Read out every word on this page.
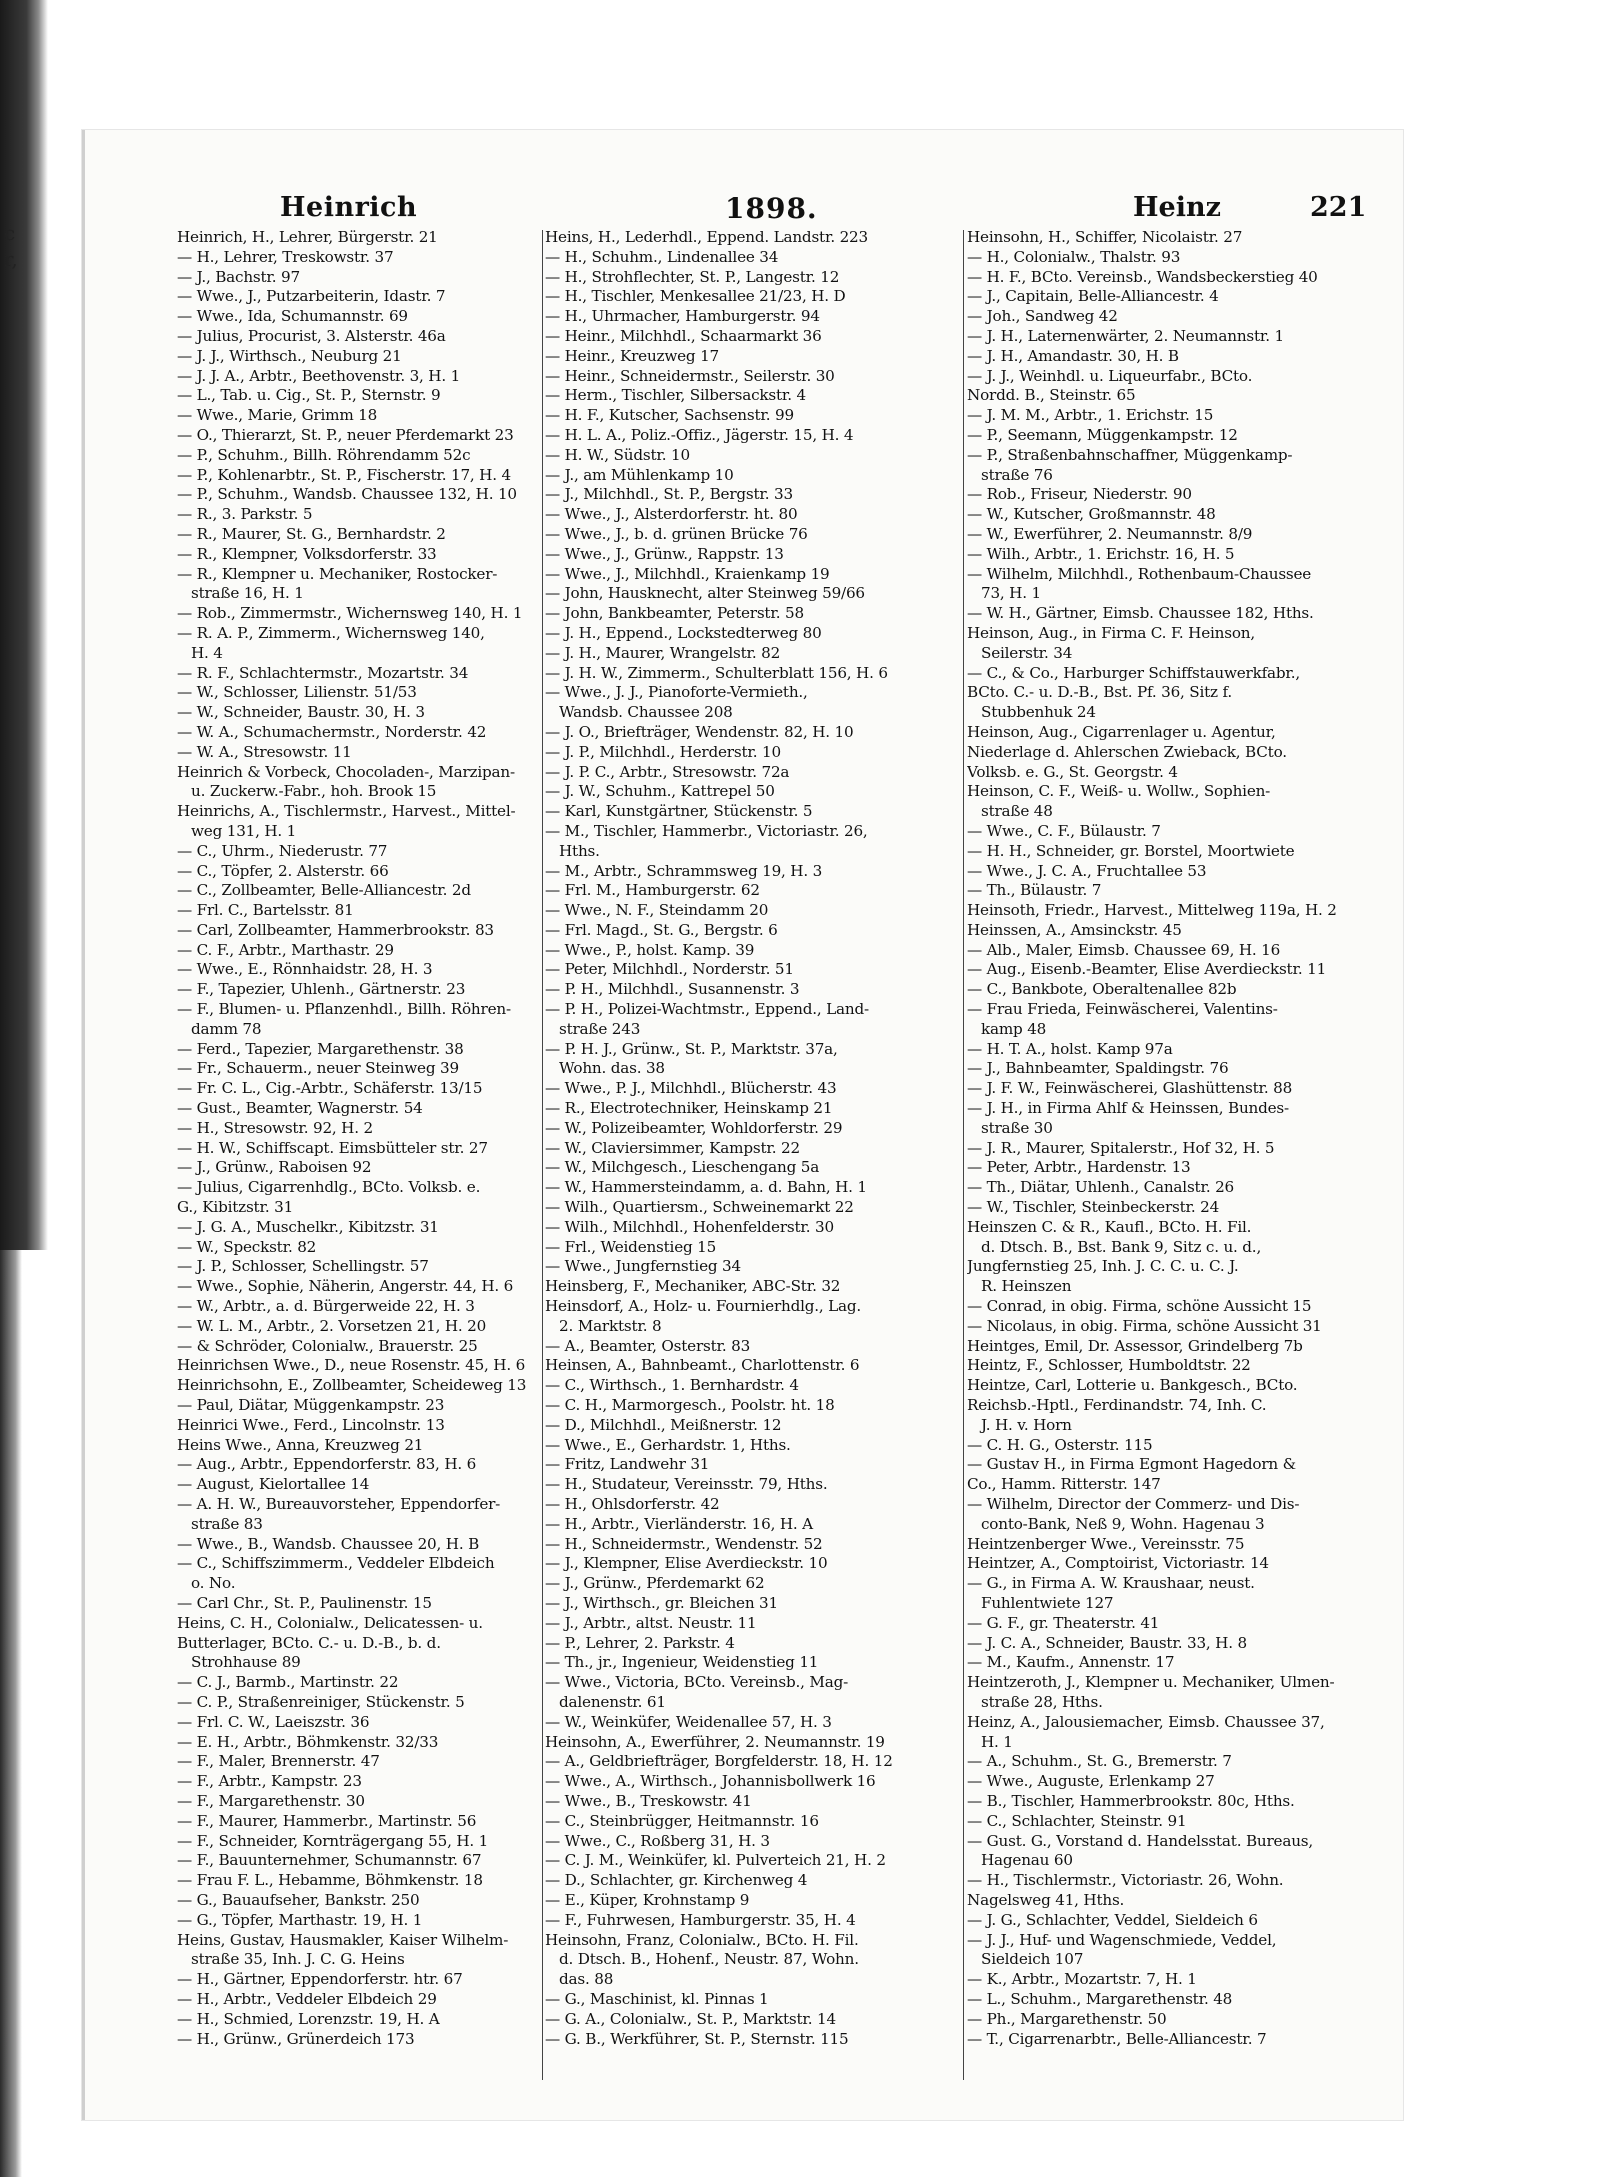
c
r,

Heinrich	1898.	Heinz	221
Heinrich, H., Lehrer, Bürgerstr. 21
— H., Lehrer, Treskowstr. 37
— J., Bachstr. 97
— Wwe., J., Putzarbeiterin, Idastr. 7
— Wwe., Ida, Schumannstr. 69
— Julius, Procurist, 3. Alsterstr. 46a
— J. J., Wirthsch., Neuburg 21
— J. J. A., Arbtr., Beethovenstr. 3, H. 1
— L., Tab. u. Cig., St. P., Sternstr. 9
— Wwe., Marie, Grimm 18
— O., Thierarzt, St. P., neuer Pferdemarkt 23
— P., Schuhm., Billh. Röhrendamm 52c
— P., Kohlenarbtr., St. P., Fischerstr. 17, H. 4
— P., Schuhm., Wandsb. Chaussee 132, H. 10
— R., 3. Parkstr. 5
— R., Maurer, St. G., Bernhardstr. 2
— R., Klempner, Volksdorferstr. 33
— R., Klempner u. Mechaniker, Rostocker-
straße 16, H. 1
— Rob., Zimmermstr., Wichernsweg 140, H. 1
— R. A. P., Zimmerm., Wichernsweg 140,
H. 4
— R. F., Schlachtermstr., Mozartstr. 34
— W., Schlosser, Lilienstr. 51/53
— W., Schneider, Baustr. 30, H. 3
— W. A., Schumachermstr., Norderstr. 42
— W. A., Stresowstr. 11
Heinrich & Vorbeck, Chocoladen-, Marzipan-
u. Zuckerw.-Fabr., hoh. Brook 15
Heinrichs, A., Tischlermstr., Harvest., Mittel-
weg 131, H. 1
— C., Uhrm., Niederustr. 77
— C., Töpfer, 2. Alsterstr. 66
— C., Zollbeamter, Belle-Alliancestr. 2d
— Frl. C., Bartelsstr. 81
— Carl, Zollbeamter, Hammerbrookstr. 83
— C. F., Arbtr., Marthastr. 29
— Wwe., E., Rönnhaidstr. 28, H. 3
— F., Tapezier, Uhlenh., Gärtnerstr. 23
— F., Blumen- u. Pflanzenhdl., Billh. Röhren-
damm 78
— Ferd., Tapezier, Margarethenstr. 38
— Fr., Schauerm., neuer Steinweg 39
— Fr. C. L., Cig.-Arbtr., Schäferstr. 13/15
— Gust., Beamter, Wagnerstr. 54
— H., Stresowstr. 92, H. 2
— H. W., Schiffscapt. Eimsbütteler str. 27
— J., Grünw., Raboisen 92
— Julius, Cigarrenhdlg., BCto. Volksb. e.
G., Kibitzstr. 31
— J. G. A., Muschelkr., Kibitzstr. 31
— W., Speckstr. 82
— J. P., Schlosser, Schellingstr. 57
— Wwe., Sophie, Näherin, Angerstr. 44, H. 6
— W., Arbtr., a. d. Bürgerweide 22, H. 3
— W. L. M., Arbtr., 2. Vorsetzen 21, H. 20
— & Schröder, Colonialw., Brauerstr. 25
Heinrichsen Wwe., D., neue Rosenstr. 45, H. 6
Heinrichsohn, E., Zollbeamter, Scheideweg 13
— Paul, Diätar, Müggenkampstr. 23
Heinrici Wwe., Ferd., Lincolnstr. 13
Heins Wwe., Anna, Kreuzweg 21
— Aug., Arbtr., Eppendorferstr. 83, H. 6
— August, Kielortallee 14
— A. H. W., Bureauvorsteher, Eppendorfer-
straße 83
— Wwe., B., Wandsb. Chaussee 20, H. B
— C., Schiffszimmerm., Veddeler Elbdeich
o. No.
— Carl Chr., St. P., Paulinenstr. 15
Heins, C. H., Colonialw., Delicatessen- u.
Butterlager, BCto. C.- u. D.-B., b. d.
Strohhause 89
— C. J., Barmb., Martinstr. 22
— C. P., Straßenreiniger, Stückenstr. 5
— Frl. C. W., Laeiszstr. 36
— E. H., Arbtr., Böhmkenstr. 32/33
— F., Maler, Brennerstr. 47
— F., Arbtr., Kampstr. 23
— F., Margarethenstr. 30
— F., Maurer, Hammerbr., Martinstr. 56
— F., Schneider, Kornträgergang 55, H. 1
— F., Bauunternehmer, Schumannstr. 67
— Frau F. L., Hebamme, Böhmkenstr. 18
— G., Bauaufseher, Bankstr. 250
— G., Töpfer, Marthastr. 19, H. 1
Heins, Gustav, Hausmakler, Kaiser Wilhelm-
straße 35, Inh. J. C. G. Heins
— H., Gärtner, Eppendorferstr. htr. 67
— H., Arbtr., Veddeler Elbdeich 29
— H., Schmied, Lorenzstr. 19, H. A
— H., Grünw., Grünerdeich 173
Heins, H., Lederhdl., Eppend. Landstr. 223
— H., Schuhm., Lindenallee 34
— H., Strohflechter, St. P., Langestr. 12
— H., Tischler, Menkesallee 21/23, H. D
— H., Uhrmacher, Hamburgerstr. 94
— Heinr., Milchhdl., Schaarmarkt 36
— Heinr., Kreuzweg 17
— Heinr., Schneidermstr., Seilerstr. 30
— Herm., Tischler, Silbersackstr. 4
— H. F., Kutscher, Sachsenstr. 99
— H. L. A., Poliz.-Offiz., Jägerstr. 15, H. 4
— H. W., Südstr. 10
— J., am Mühlenkamp 10
— J., Milchhdl., St. P., Bergstr. 33
— Wwe., J., Alsterdorferstr. ht. 80
— Wwe., J., b. d. grünen Brücke 76
— Wwe., J., Grünw., Rappstr. 13
— Wwe., J., Milchhdl., Kraienkamp 19
— John, Hausknecht, alter Steinweg 59/66
— John, Bankbeamter, Peterstr. 58
— J. H., Eppend., Lockstedterweg 80
— J. H., Maurer, Wrangelstr. 82
— J. H. W., Zimmerm., Schulterblatt 156, H. 6
— Wwe., J. J., Pianoforte-Vermieth.,
Wandsb. Chaussee 208
— J. O., Briefträger, Wendenstr. 82, H. 10
— J. P., Milchhdl., Herderstr. 10
— J. P. C., Arbtr., Stresowstr. 72a
— J. W., Schuhm., Kattrepel 50
— Karl, Kunstgärtner, Stückenstr. 5
— M., Tischler, Hammerbr., Victoriastr. 26,
Hths.
— M., Arbtr., Schrammsweg 19, H. 3
— Frl. M., Hamburgerstr. 62
— Wwe., N. F., Steindamm 20
— Frl. Magd., St. G., Bergstr. 6
— Wwe., P., holst. Kamp. 39
— Peter, Milchhdl., Norderstr. 51
— P. H., Milchhdl., Susannenstr. 3
— P. H., Polizei-Wachtmstr., Eppend., Land-
straße 243
— P. H. J., Grünw., St. P., Marktstr. 37a,
Wohn. das. 38
— Wwe., P. J., Milchhdl., Blücherstr. 43
— R., Electrotechniker, Heinskamp 21
— W., Polizeibeamter, Wohldorferstr. 29
— W., Claviersimmer, Kampstr. 22
— W., Milchgesch., Lieschengang 5a
— W., Hammersteindamm, a. d. Bahn, H. 1
— Wilh., Quartiersm., Schweinemarkt 22
— Wilh., Milchhdl., Hohenfelderstr. 30
— Frl., Weidenstieg 15
— Wwe., Jungfernstieg 34
Heinsberg, F., Mechaniker, ABC-Str. 32
Heinsdorf, A., Holz- u. Fournierhdlg., Lag.
2. Marktstr. 8
— A., Beamter, Osterstr. 83
Heinsen, A., Bahnbeamt., Charlottenstr. 6
— C., Wirthsch., 1. Bernhardstr. 4
— C. H., Marmorgesch., Poolstr. ht. 18
— D., Milchhdl., Meißnerstr. 12
— Wwe., E., Gerhardstr. 1, Hths.
— Fritz, Landwehr 31
— H., Studateur, Vereinsstr. 79, Hths.
— H., Ohlsdorferstr. 42
— H., Arbtr., Vierländerstr. 16, H. A
— H., Schneidermstr., Wendenstr. 52
— J., Klempner, Elise Averdieckstr. 10
— J., Grünw., Pferdemarkt 62
— J., Wirthsch., gr. Bleichen 31
— J., Arbtr., altst. Neustr. 11
— P., Lehrer, 2. Parkstr. 4
— Th., jr., Ingenieur, Weidenstieg 11
— Wwe., Victoria, BCto. Vereinsb., Mag-
dalenenstr. 61
— W., Weinküfer, Weidenallee 57, H. 3
Heinsohn, A., Ewerführer, 2. Neumannstr. 19
— A., Geldbriefträger, Borgfelderstr. 18, H. 12
— Wwe., A., Wirthsch., Johannisbollwerk 16
— Wwe., B., Treskowstr. 41
— C., Steinbrügger, Heitmannstr. 16
— Wwe., C., Roßberg 31, H. 3
— C. J. M., Weinküfer, kl. Pulverteich 21, H. 2
— D., Schlachter, gr. Kirchenweg 4
— E., Küper, Krohnstamp 9
— F., Fuhrwesen, Hamburgerstr. 35, H. 4
Heinsohn, Franz, Colonialw., BCto. H. Fil.
d. Dtsch. B., Hohenf., Neustr. 87, Wohn.
das. 88
— G., Maschinist, kl. Pinnas 1
— G. A., Colonialw., St. P., Marktstr. 14
— G. B., Werkführer, St. P., Sternstr. 115
Heinsohn, H., Schiffer, Nicolaistr. 27
— H., Colonialw., Thalstr. 93
— H. F., BCto. Vereinsb., Wandsbeckerstieg 40
— J., Capitain, Belle-Alliancestr. 4
— Joh., Sandweg 42
— J. H., Laternenwärter, 2. Neumannstr. 1
— J. H., Amandastr. 30, H. B
— J. J., Weinhdl. u. Liqueurfabr., BCto.
Nordd. B., Steinstr. 65
— J. M. M., Arbtr., 1. Erichstr. 15
— P., Seemann, Müggenkampstr. 12
— P., Straßenbahnschaffner, Müggenkamp-
straße 76
— Rob., Friseur, Niederstr. 90
— W., Kutscher, Großmannstr. 48
— W., Ewerführer, 2. Neumannstr. 8/9
— Wilh., Arbtr., 1. Erichstr. 16, H. 5
— Wilhelm, Milchhdl., Rothenbaum-Chaussee
73, H. 1
— W. H., Gärtner, Eimsb. Chaussee 182, Hths.
Heinson, Aug., in Firma C. F. Heinson,
Seilerstr. 34
— C., & Co., Harburger Schiffstauwerkfabr.,
BCto. C.- u. D.-B., Bst. Pf. 36, Sitz f.
Stubbenhuk 24
Heinson, Aug., Cigarrenlager u. Agentur,
Niederlage d. Ahlerschen Zwieback, BCto.
Volksb. e. G., St. Georgstr. 4
Heinson, C. F., Weiß- u. Wollw., Sophien-
straße 48
— Wwe., C. F., Bülaustr. 7
— H. H., Schneider, gr. Borstel, Moortwiete
— Wwe., J. C. A., Fruchtallee 53
— Th., Bülaustr. 7
Heinsoth, Friedr., Harvest., Mittelweg 119a, H. 2
Heinssen, A., Amsinckstr. 45
— Alb., Maler, Eimsb. Chaussee 69, H. 16
— Aug., Eisenb.-Beamter, Elise Averdieckstr. 11
— C., Bankbote, Oberaltenallee 82b
— Frau Frieda, Feinwäscherei, Valentins-
kamp 48
— H. T. A., holst. Kamp 97a
— J., Bahnbeamter, Spaldingstr. 76
— J. F. W., Feinwäscherei, Glashüttenstr. 88
— J. H., in Firma Ahlf & Heinssen, Bundes-
straße 30
— J. R., Maurer, Spitalerstr., Hof 32, H. 5
— Peter, Arbtr., Hardenstr. 13
— Th., Diätar, Uhlenh., Canalstr. 26
— W., Tischler, Steinbeckerstr. 24
Heinszen C. & R., Kaufl., BCto. H. Fil.
d. Dtsch. B., Bst. Bank 9, Sitz c. u. d.,
Jungfernstieg 25, Inh. J. C. C. u. C. J.
R. Heinszen
— Conrad, in obig. Firma, schöne Aussicht 15
— Nicolaus, in obig. Firma, schöne Aussicht 31
Heintges, Emil, Dr. Assessor, Grindelberg 7b
Heintz, F., Schlosser, Humboldtstr. 22
Heintze, Carl, Lotterie u. Bankgesch., BCto.
Reichsb.-Hptl., Ferdinandstr. 74, Inh. C.
J. H. v. Horn
— C. H. G., Osterstr. 115
— Gustav H., in Firma Egmont Hagedorn &
Co., Hamm. Ritterstr. 147
— Wilhelm, Director der Commerz- und Dis-
conto-Bank, Neß 9, Wohn. Hagenau 3
Heintzenberger Wwe., Vereinsstr. 75
Heintzer, A., Comptoirist, Victoriastr. 14
— G., in Firma A. W. Kraushaar, neust.
Fuhlentwiete 127
— G. F., gr. Theaterstr. 41
— J. C. A., Schneider, Baustr. 33, H. 8
— M., Kaufm., Annenstr. 17
Heintzeroth, J., Klempner u. Mechaniker, Ulmen-
straße 28, Hths.
Heinz, A., Jalousiemacher, Eimsb. Chaussee 37,
H. 1
— A., Schuhm., St. G., Bremerstr. 7
— Wwe., Auguste, Erlenkamp 27
— B., Tischler, Hammerbrookstr. 80c, Hths.
— C., Schlachter, Steinstr. 91
— Gust. G., Vorstand d. Handelsstat. Bureaus,
Hagenau 60
— H., Tischlermstr., Victoriastr. 26, Wohn.
Nagelsweg 41, Hths.
— J. G., Schlachter, Veddel, Sieldeich 6
— J. J., Huf- und Wagenschmiede, Veddel,
Sieldeich 107
— K., Arbtr., Mozartstr. 7, H. 1
— L., Schuhm., Margarethenstr. 48
— Ph., Margarethenstr. 50
— T., Cigarrenarbtr., Belle-Alliancestr. 7
